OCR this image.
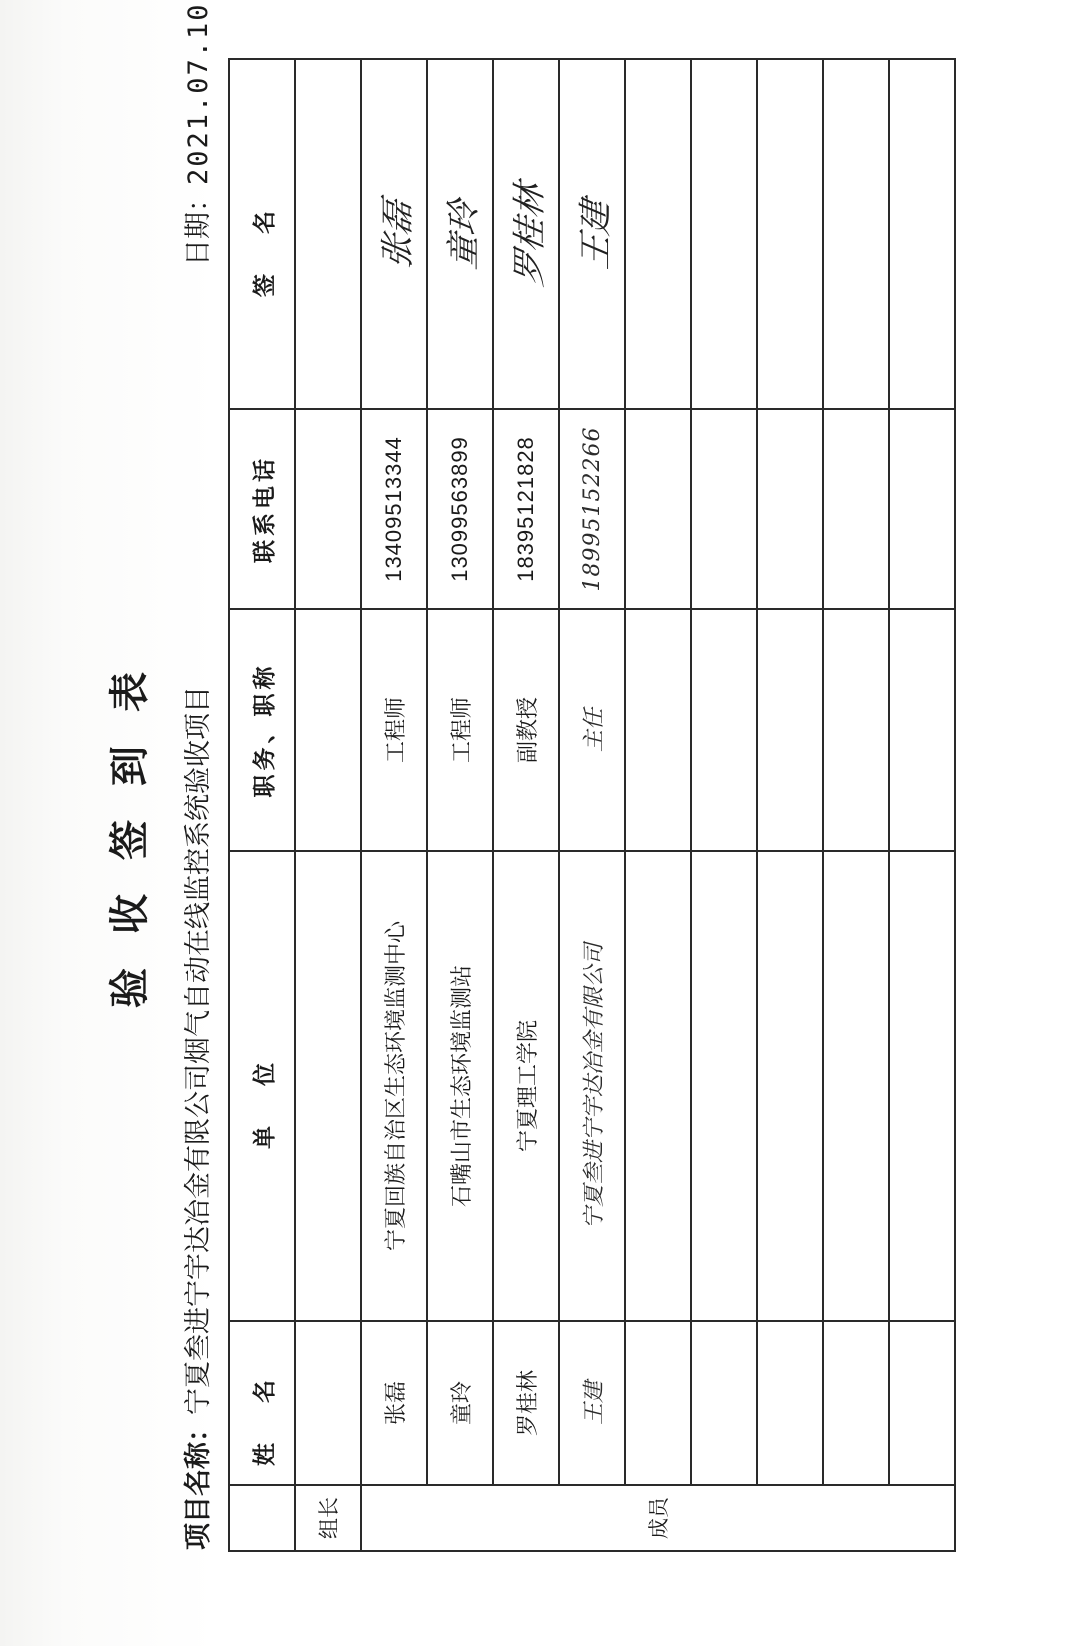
验收签到表
项目名称：宁夏叁进宁宇达冶金有限公司烟气自动在线监控系统验收项目
日期：2021.07.10
	姓名	单位	职务、职称	联系电话	签名
组长					
成员	张磊	宁夏回族自治区生态环境监测中心	工程师	13409513344	张磊
	童玲	石嘴山市生态环境监测站	工程师	13099563899	童玲
	罗桂林	宁夏理工学院	副教授	18395121828	罗桂林
	王建	宁夏叁进宁宇达冶金有限公司	主任	18995152266	王建
